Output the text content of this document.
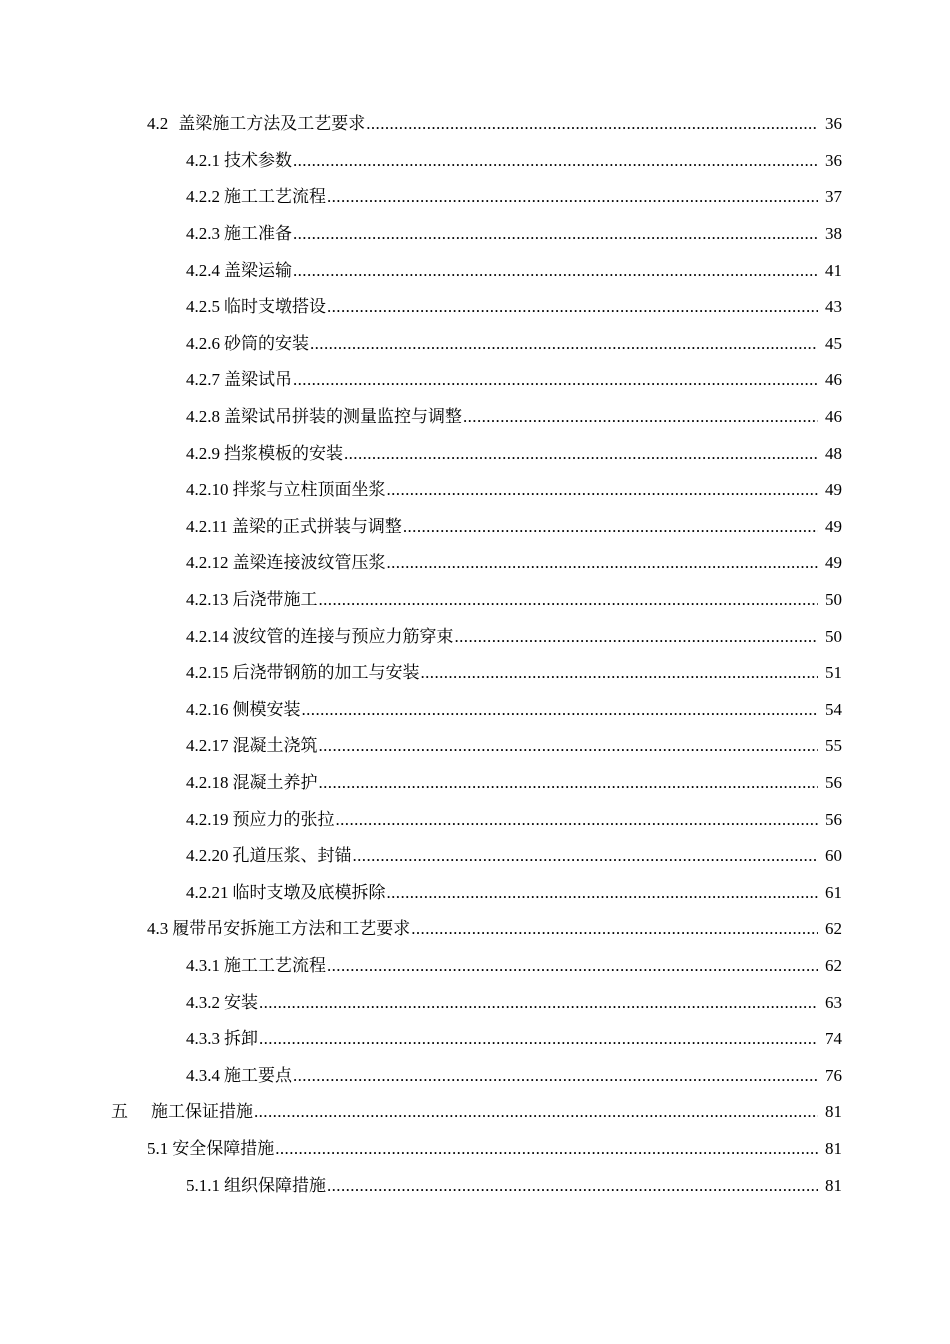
4.2 盖梁施工方法及工艺要求 .....	36
4.2.1 技术参数 .....	36
4.2.2 施工工艺流程 .....	37
4.2.3 施工准备 .....	38
4.2.4 盖梁运输 .....	41
4.2.5 临时支墩搭设 .....	43
4.2.6 砂筒的安装 .....	45
4.2.7 盖梁试吊 .....	46
4.2.8 盖梁试吊拼装的测量监控与调整 .....	46
4.2.9 挡浆模板的安装 .....	48
4.2.10 拌浆与立柱顶面坐浆 .....	49
4.2.11 盖梁的正式拼装与调整 .....	49
4.2.12 盖梁连接波纹管压浆 .....	49
4.2.13 后浇带施工 .....	50
4.2.14 波纹管的连接与预应力筋穿束 .....	50
4.2.15 后浇带钢筋的加工与安装 .....	51
4.2.16 侧模安装 .....	54
4.2.17 混凝土浇筑 .....	55
4.2.18 混凝土养护 .....	56
4.2.19 预应力的张拉 .....	56
4.2.20 孔道压浆、封锚 .....	60
4.2.21 临时支墩及底模拆除 .....	61
4.3 履带吊安拆施工方法和工艺要求 .....	62
4.3.1 施工工艺流程 .....	62
4.3.2 安装 .....	63
4.3.3 拆卸 .....	74
4.3.4 施工要点 .....	76
五	施工保证措施 .....	81
5.1 安全保障措施 .....	81
5.1.1 组织保障措施 .....	81
